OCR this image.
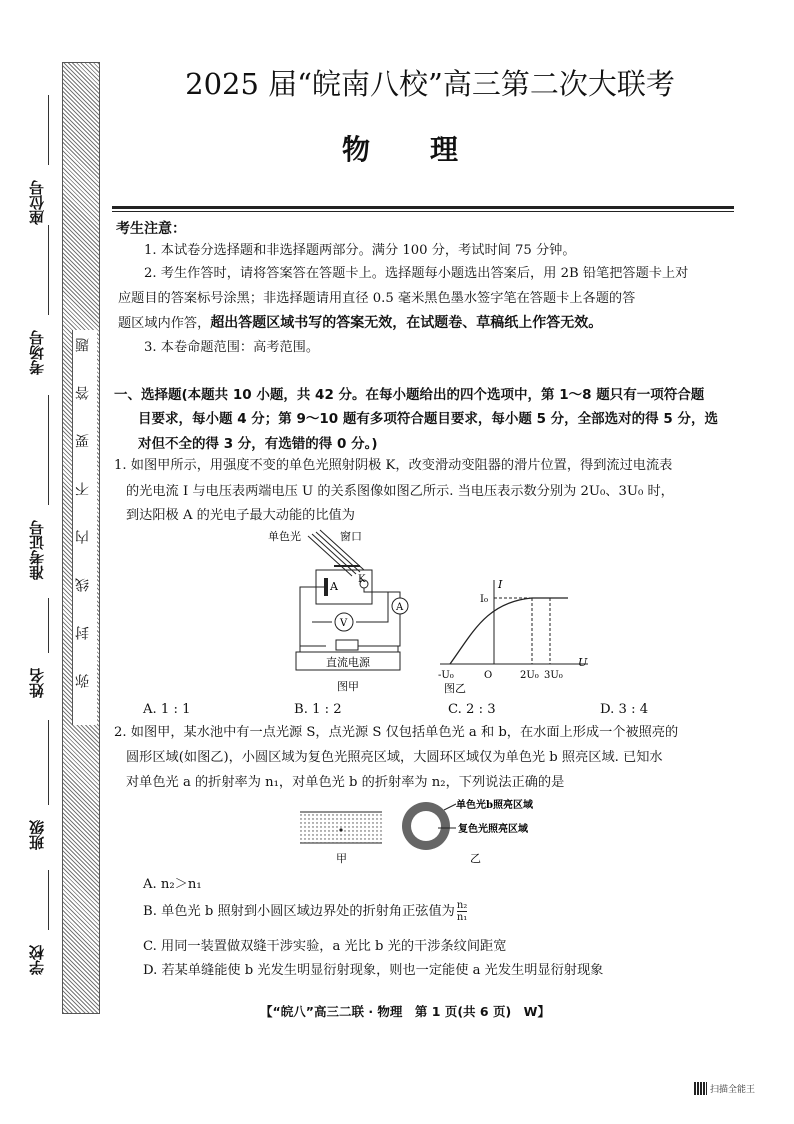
题
答
要
不
内
线
封
弥
座位号
考场号
准考证号
姓名
班级
学校
2025 届“皖南八校”高三第二次大联考
物理
考生注意：
1. 本试卷分选择题和非选择题两部分。满分 100 分，考试时间 75 分钟。
2. 考生作答时，请将答案答在答题卡上。选择题每小题选出答案后，用 2B 铅笔把答题卡上对
应题目的答案标号涂黑；非选择题请用直径 0.5 毫米黑色墨水签字笔在答题卡上各题的答
题区域内作答，超出答题区域书写的答案无效，在试题卷、草稿纸上作答无效。
3. 本卷命题范围：高考范围。
一、选择题(本题共 10 小题，共 42 分。在每小题给出的四个选项中，第 1～8 题只有一项符合题
目要求，每小题 4 分；第 9～10 题有多项符合题目要求，每小题 5 分，全部选对的得 5 分，选
对但不全的得 3 分，有选错的得 0 分。)
1. 如图甲所示，用强度不变的单色光照射阴极 K，改变滑动变阻器的滑片位置，得到流过电流表
的光电流 I 与电压表两端电压 U 的关系图像如图乙所示. 当电压表示数分别为 2U₀、3U₀ 时，
到达阳极 A 的光电子最大动能的比值为
单色光	窗口
A
K
V
A
直流电源
图甲
I
U
I₀
-U₀	O	2U₀ 3U₀
图乙
A. 1 : 1	B. 1 : 2	C. 2 : 3	D. 3 : 4
2. 如图甲，某水池中有一点光源 S，点光源 S 仅包括单色光 a 和 b，在水面上形成一个被照亮的
圆形区域(如图乙)，小圆区域为复色光照亮区域，大圆环区域仅为单色光 b 照亮区域. 已知水
对单色光 a 的折射率为 n₁，对单色光 b 的折射率为 n₂，下列说法正确的是
甲
单色光b照亮区域
复色光照亮区域
乙
A. n₂＞n₁
B. 单色光 b 照射到小圆区域边界处的折射角正弦值为 $\frac{\text{n₂}}{\text{n₁}}$
C. 用同一装置做双缝干涉实验，a 光比 b 光的干涉条纹间距宽
D. 若某单缝能使 b 光发生明显衍射现象，则也一定能使 a 光发生明显衍射现象
【“皖八”高三二联 · 物理　第 1 页(共 6 页)　W】
扫描全能王
